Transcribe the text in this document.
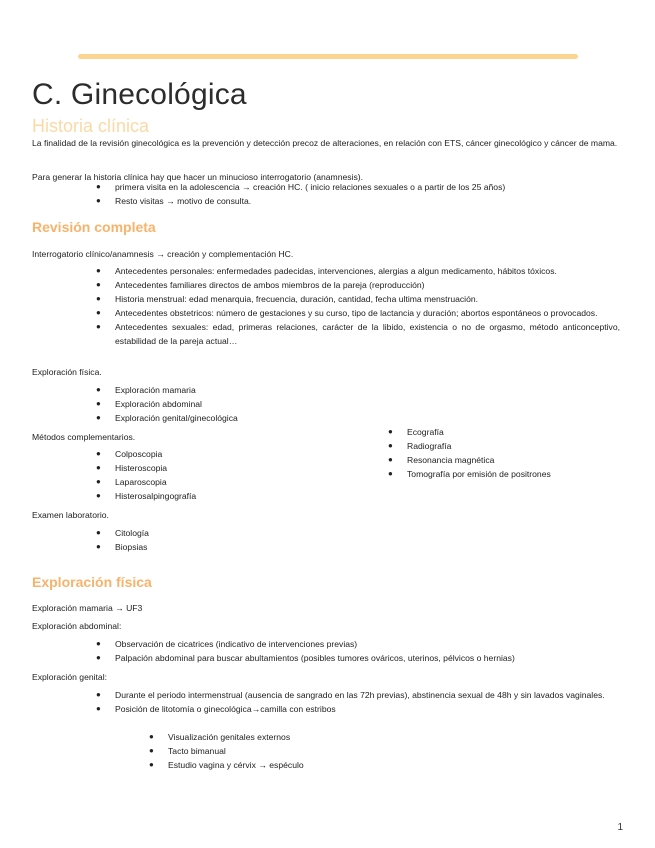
C. Ginecológica
Historia clínica
La finalidad de la revisión ginecológica es la prevención y detección precoz de alteraciones, en relación con ETS, cáncer ginecológico y cáncer de mama.
Para generar la historia clínica hay que hacer un minucioso interrogatorio (anamnesis).
● primera visita en la adolescencia → creación HC. ( inicio relaciones sexuales o a partir de los 25 años)
● Resto visitas → motivo de consulta.
Revisión completa
Interrogatorio clínico/anamnesis → creación y complementación HC.
● Antecedentes personales: enfermedades padecidas, intervenciones, alergias a algun medicamento, hábitos tóxicos.
● Antecedentes familiares directos de ambos miembros de la pareja (reproducción)
● Historia menstrual: edad menarquia, frecuencia, duración, cantidad, fecha ultima menstruación.
● Antecedentes obstetricos: número de gestaciones y su curso, tipo de lactancia y duración; abortos espontáneos o provocados.
● Antecedentes sexuales: edad, primeras relaciones, carácter de la libido, existencia o no de orgasmo, método anticonceptivo, estabilidad de la pareja actual…
Exploración física.
● Exploración mamaria
● Exploración abdominal
● Exploración genital/ginecológica
Métodos complementarios.
● Colposcopia
● Histeroscopia
● Laparoscopia
● Histerosalpingografía
● Ecografía
● Radiografía
● Resonancia magnética
● Tomografía por emisión de positrones
Examen laboratorio.
● Citología
● Biopsias
Exploración física
Exploración mamaria → UF3
Exploración abdominal:
● Observación de cicatrices (indicativo de intervenciones previas)
● Palpación abdominal para buscar abultamientos (posibles tumores ováricos, uterinos, pélvicos o hernias)
Exploración genital:
● Durante el periodo intermenstrual (ausencia de sangrado en las 72h previas), abstinencia sexual de 48h y sin lavados vaginales.
● Posición de litotomía o ginecológica→camilla con estribos
● Visualización genitales externos
● Tacto bimanual
● Estudio vagina y cérvix → espéculo
1
